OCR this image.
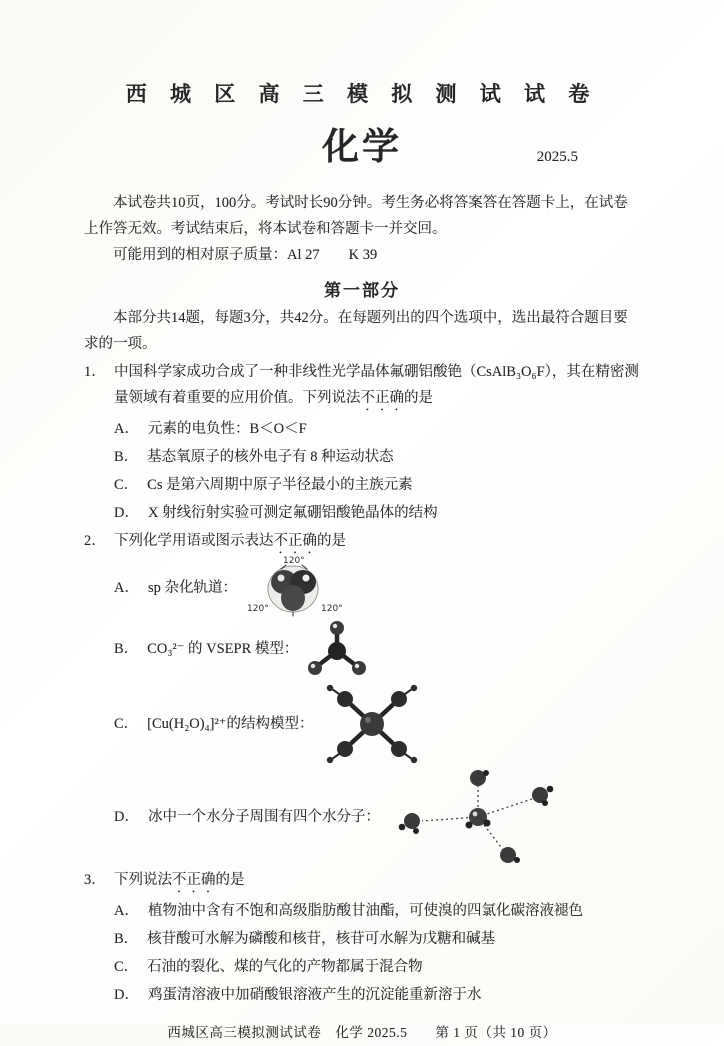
西 城 区 高 三 模 拟 测 试 试 卷
化学	2025.5

本试卷共10页，100分。考试时长90分钟。考生务必将答案答在答题卡上，在试卷上作答无效。考试结束后，将本试卷和答题卡一并交回。

可能用到的相对原子质量：Al 27　　K 39

第一部分

本部分共14题，每题3分，共42分。在每题列出的四个选项中，选出最符合题目要求的一项。

1． 中国科学家成功合成了一种非线性光学晶体氟硼铝酸铯（CsAlB₃O₆F），其在精密测量领域有着重要的应用价值。下列说法不正确的是
A． 元素的电负性：B＜O＜F
B． 基态氧原子的核外电子有 8 种运动状态
C． Cs 是第六周期中原子半径最小的主族元素
D． X 射线衍射实验可测定氟硼铝酸铯晶体的结构
2． 下列化学用语或图示表达不正确的是
A． sp 杂化轨道：
120°
120°	120°
B． CO₃²⁻ 的 VSEPR 模型：
C． [Cu(H₂O)₄]²⁺的结构模型：
D． 冰中一个水分子周围有四个水分子：
3． 下列说法不正确的是
A． 植物油中含有不饱和高级脂肪酸甘油酯，可使溴的四氯化碳溶液褪色
B． 核苷酸可水解为磷酸和核苷，核苷可水解为戊糖和碱基
C． 石油的裂化、煤的气化的产物都属于混合物
D． 鸡蛋清溶液中加硝酸银溶液产生的沉淀能重新溶于水

西城区高三模拟测试试卷　化学 2025.5　　第 1 页（共 10 页）
